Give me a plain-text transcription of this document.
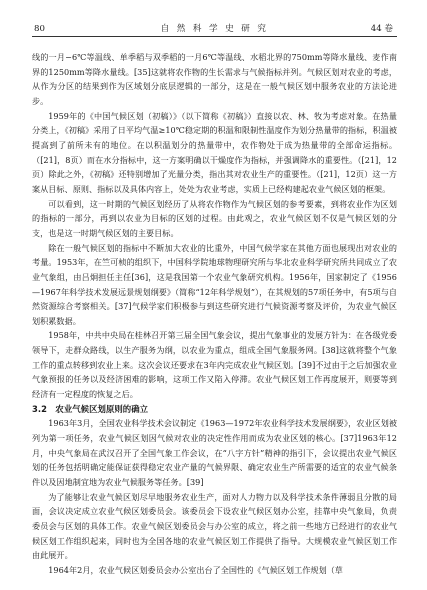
80	自 然 科 学 史 研 究	44 卷

线的一月−6℃等温线、单季稻与双季稻的一月6℃等温线、水稻北界的750mm等降水量线、麦作南界的1250mm等降水量线。[35]这就将农作物的生长需求与气候指标并列。气候区划对农业的考虑，从作为分区的结果到作为区域划分底层逻辑的一部分，这是在一般气候区划中服务农业的方法论进步。

1959年的《中国气候区划（初稿）》（以下简称《初稿》）直接以农、林、牧为考虑对象。在热量分类上，《初稿》采用了日平均气温≥10℃稳定期的积温和限制性温度作为划分热量带的指标，积温被提高到了前所未有的地位。在以积温划分的热量带中，农作物处于成为热量带的全部命运指标。（[21]，8页）而在水分指标中，这一方案明确以干燥度作为指标，并强调降水的重要性。（[21]，12页）除此之外，《初稿》还特别增加了光量分类，指出其对农业生产的重要性。（[21]，12页）这一方案从目标、原则、指标以及具体内容上，处处为农业考虑，实质上已经构建起农业气候区划的框架。

可以看到，这一时期的气候区划经历了从将农作物作为气候区划的参考要素，到将农业作为区划的指标的一部分，再到以农业为目标的区划的过程。由此观之，农业气候区划不仅是气候区划的分支，也是这一时期气候区划的主要目标。

除在一般气候区划的指标中不断加大农业的比重外，中国气候学家在其他方面也展现出对农业的考量。1953年，在竺可桢的组织下，中国科学院地球物理研究所与华北农业科学研究所共同成立了农业气象组，由吕炯担任主任[36]，这是我国第一个农业气象研究机构。1956年，国家制定了《1956—1967年科学技术发展远景规划纲要》（简称“12年科学规划”），在其规划的57项任务中，有5项与自然资源综合考察相关。[37]气候学家们积极参与到这些研究进行气候资源考察及评价，为农业气候区划积累数据。

1958年，中共中央局在桂林召开第三届全国气象会议，提出气象事业的发展方针为：在各级党委领导下，走群众路线，以生产服务为纲，以农业为重点，组成全国气象服务网。[38]这就将整个气象工作的重点转移到农业上来。这次会议还要求在3年内完成农业气候区划。[39]不过由于之后加强农业气象预报的任务以及经济困难的影响，这项工作又陷入停滞。农业气候区划工作再度展开，则要等到经济有一定程度的恢复之后。

3.2　农业气候区划原则的确立

1963年3月，全国农业科学技术会议制定《1963—1972年农业科学技术发展纲要》，农业区划被列为第一项任务，农业气候区划因气候对农业的决定性作用而成为农业区划的核心。[37]1963年12月，中央气象局在武汉召开了全国气象工作会议，在“八字方针”精神的指引下，会议提出农业气候区划的任务包括明确定能保证获得稳定农业产量的气候界限、确定农业生产所需要的适宜的农业气候条件以及因地制宜地为农业气候服务等任务。[39]

为了能够让农业气候区划尽早地服务农业生产，面对人力物力以及科学技术条件薄弱且分散的局面，会议决定成立农业气候区划委员会。该委员会下设农业气候区划办公室，挂靠中央气象局，负责委员会与区划的具体工作。农业气候区划委员会与办公室的成立，将之前一些地方已经进行的农业气候区划工作组织起来，同时也为全国各地的农业气候区划工作提供了指导。大规模农业气候区划工作由此展开。

1964年2月，农业气候区划委员会办公室出台了全国性的《气候区划工作规划（草
